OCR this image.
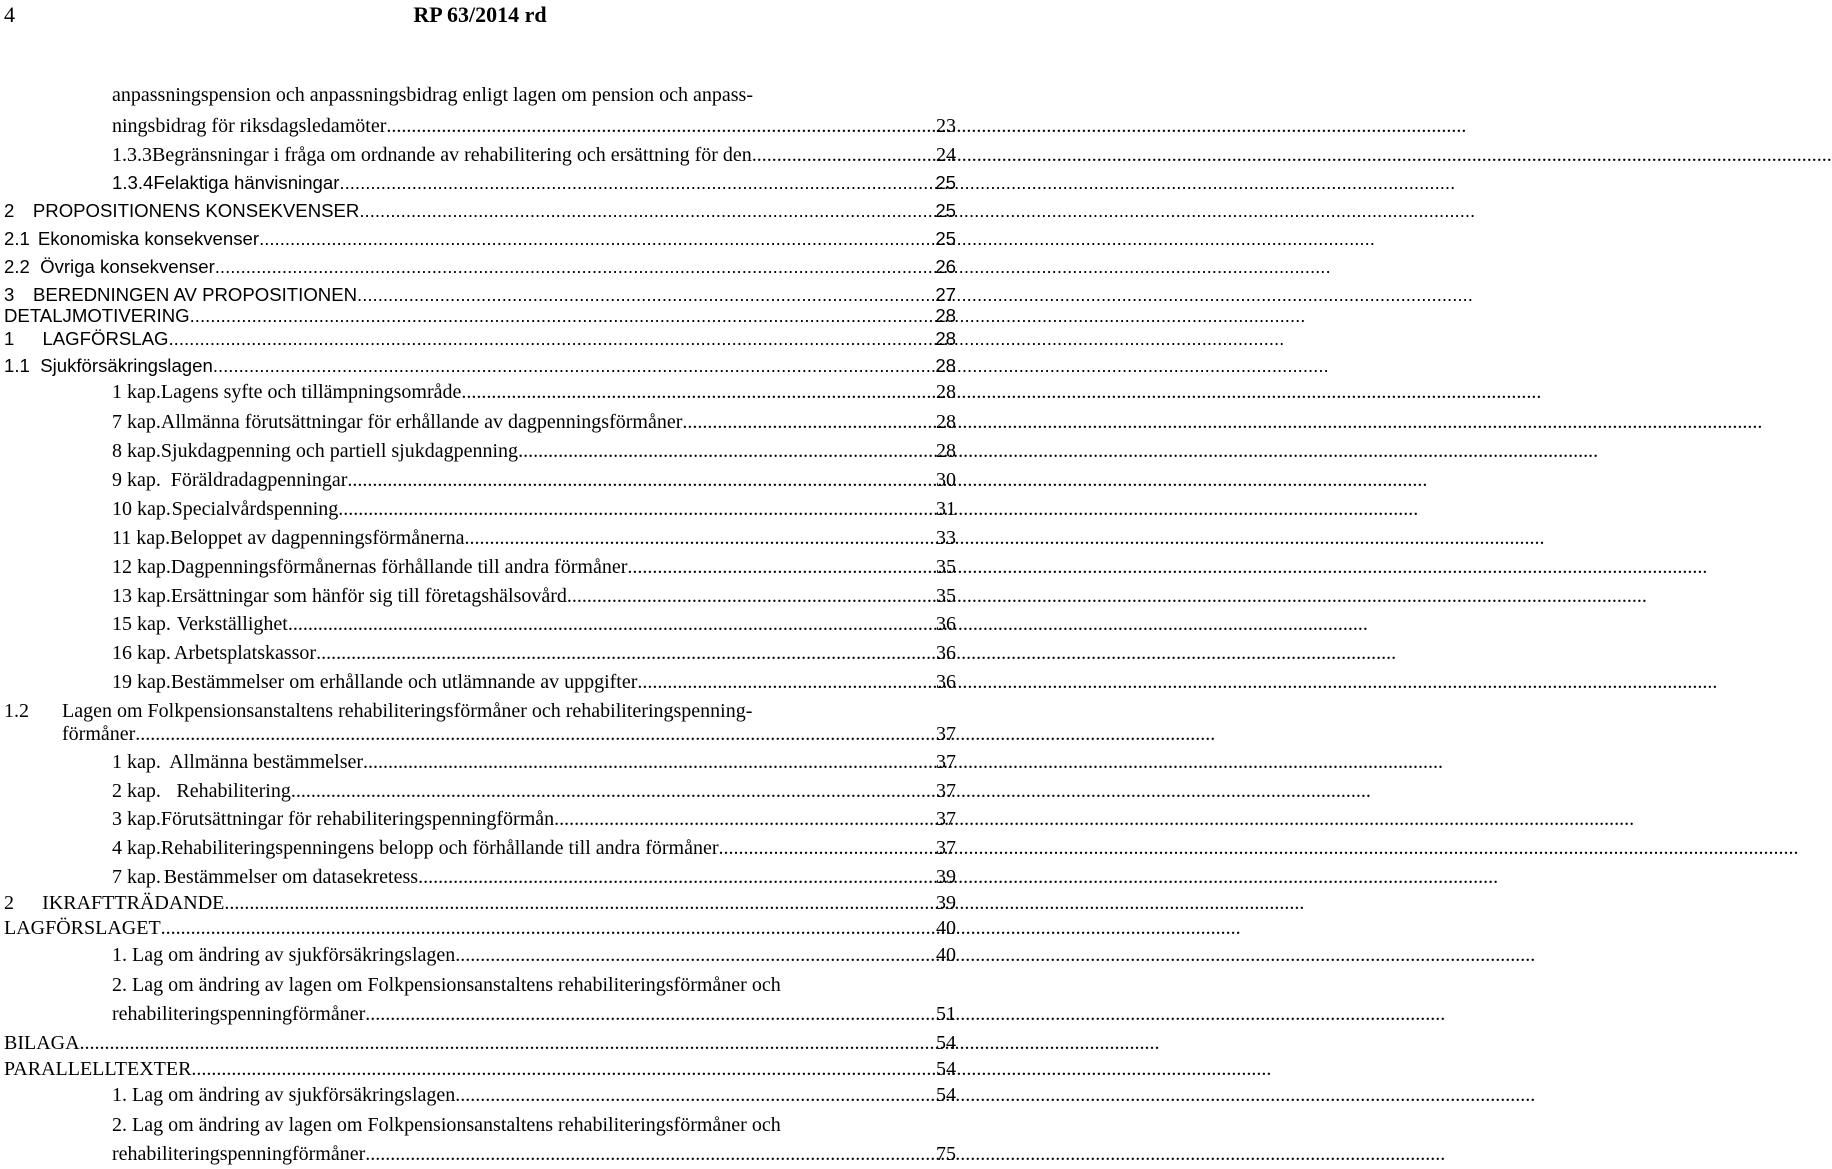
4	RP 63/2014 rd
anpassningspension och anpassningsbidrag enligt lagen om pension och anpass-
ningsbidrag för riksdagsledamöter .....	23
1.3.3 Begränsningar i fråga om ordnande av rehabilitering och ersättning för den .....	24
1.3.4 Felaktiga hänvisningar .....	25
2 PROPOSITIONENS KONSEKVENSER .....	25
2.1 Ekonomiska konsekvenser .....	25
2.2 Övriga konsekvenser .....	26
3	BEREDNINGEN AV PROPOSITIONEN .....	27
DETALJMOTIVERING .....	28
1	LAGFÖRSLAG .....	28
1.1 Sjukförsäkringslagen .....	28
1 kap. Lagens syfte och tillämpningsområde .....	28
7 kap. Allmänna förutsättningar för erhållande av dagpenningsförmåner .....	28
8 kap. Sjukdagpenning och partiell sjukdagpenning .....	28
9 kap. Föräldradagpenningar .....	30
10 kap. Specialvårdspenning .....	31
11 kap. Beloppet av dagpenningsförmånerna .....	33
12 kap. Dagpenningsförmånernas förhållande till andra förmåner .....	35
13 kap. Ersättningar som hänför sig till företagshälsovård .....	35
15 kap. Verkställighet .....	36
16 kap. Arbetsplatskassor .....	36
19 kap. Bestämmelser om erhållande och utlämnande av uppgifter .....	36
1.2	Lagen om Folkpensionsanstaltens rehabiliteringsförmåner och rehabiliteringspenning-
förmåner .....	37
1 kap. Allmänna bestämmelser .....	37
2 kap. Rehabilitering .....	37
3 kap. Förutsättningar för rehabiliteringspenningförmån .....	37
4 kap. Rehabiliteringspenningens belopp och förhållande till andra förmåner .....	37
7 kap. Bestämmelser om datasekretess .....	39
2	IKRAFTTRÄDANDE .....	39
LAGFÖRSLAGET .....	40
1. Lag om ändring av sjukförsäkringslagen .....	40
2. Lag om ändring av lagen om Folkpensionsanstaltens rehabiliteringsförmåner och
rehabiliteringspenningförmåner .....	51
BILAGA .....	54
PARALLELLTEXTER .....	54
1. Lag om ändring av sjukförsäkringslagen .....	54
2. Lag om ändring av lagen om Folkpensionsanstaltens rehabiliteringsförmåner och
rehabiliteringspenningförmåner .....	75
